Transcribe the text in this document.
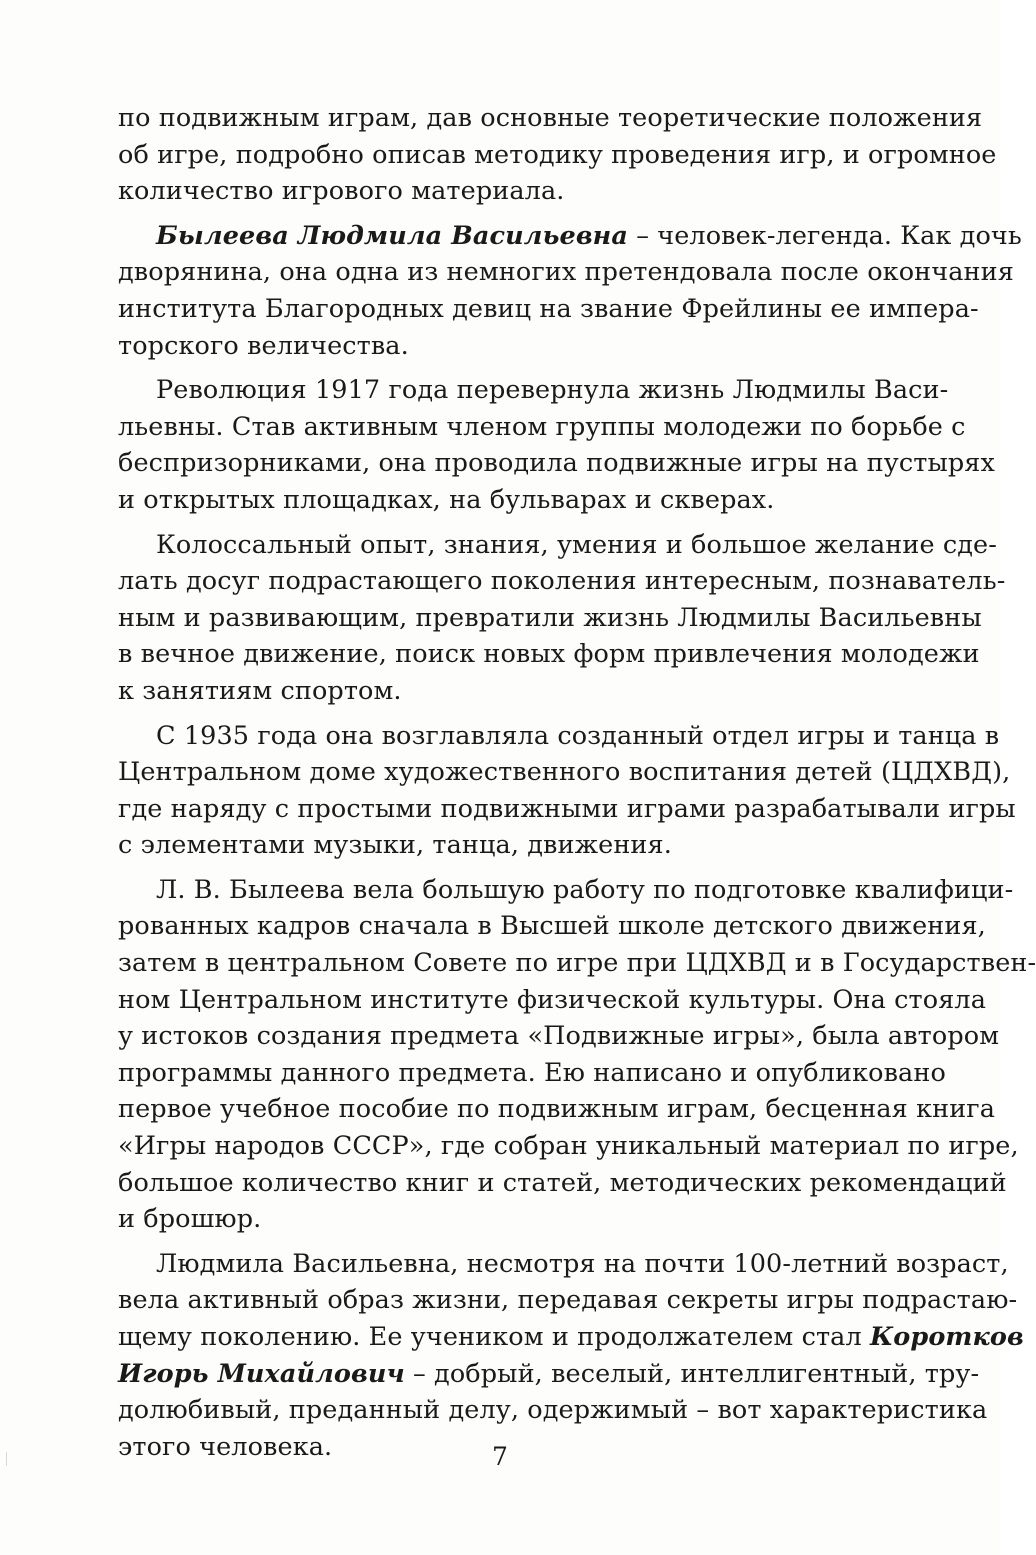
по подвижным играм, дав основные теоретические положения
об игре, подробно описав методику проведения игр, и огромное
количество игрового материала.
Былеева Людмила Васильевна – человек-легенда. Как дочь
дворянина, она одна из немногих претендовала после окончания
института Благородных девиц на звание Фрейлины ее импера-
торского величества.
Революция 1917 года перевернула жизнь Людмилы Васи-
льевны. Став активным членом группы молодежи по борьбе с
беспризорниками, она проводила подвижные игры на пустырях
и открытых площадках, на бульварах и скверах.
Колоссальный опыт, знания, умения и большое желание сде-
лать досуг подрастающего поколения интересным, познаватель-
ным и развивающим, превратили жизнь Людмилы Васильевны
в вечное движение, поиск новых форм привлечения молодежи
к занятиям спортом.
С 1935 года она возглавляла созданный отдел игры и танца в
Центральном доме художественного воспитания детей (ЦДХВД),
где наряду с простыми подвижными играми разрабатывали игры
с элементами музыки, танца, движения.
Л. В. Былеева вела большую работу по подготовке квалифици-
рованных кадров сначала в Высшей школе детского движения,
затем в центральном Совете по игре при ЦДХВД и в Государствен-
ном Центральном институте физической культуры. Она стояла
у истоков создания предмета «Подвижные игры», была автором
программы данного предмета. Ею написано и опубликовано
первое учебное пособие по подвижным играм, бесценная книга
«Игры народов СССР», где собран уникальный материал по игре,
большое количество книг и статей, методических рекомендаций
и брошюр.
Людмила Васильевна, несмотря на почти 100-летний возраст,
вела активный образ жизни, передавая секреты игры подрастаю-
щему поколению. Ее учеником и продолжателем стал Коротков
Игорь Михайлович – добрый, веселый, интеллигентный, тру-
долюбивый, преданный делу, одержимый – вот характеристика
этого человека.	7
